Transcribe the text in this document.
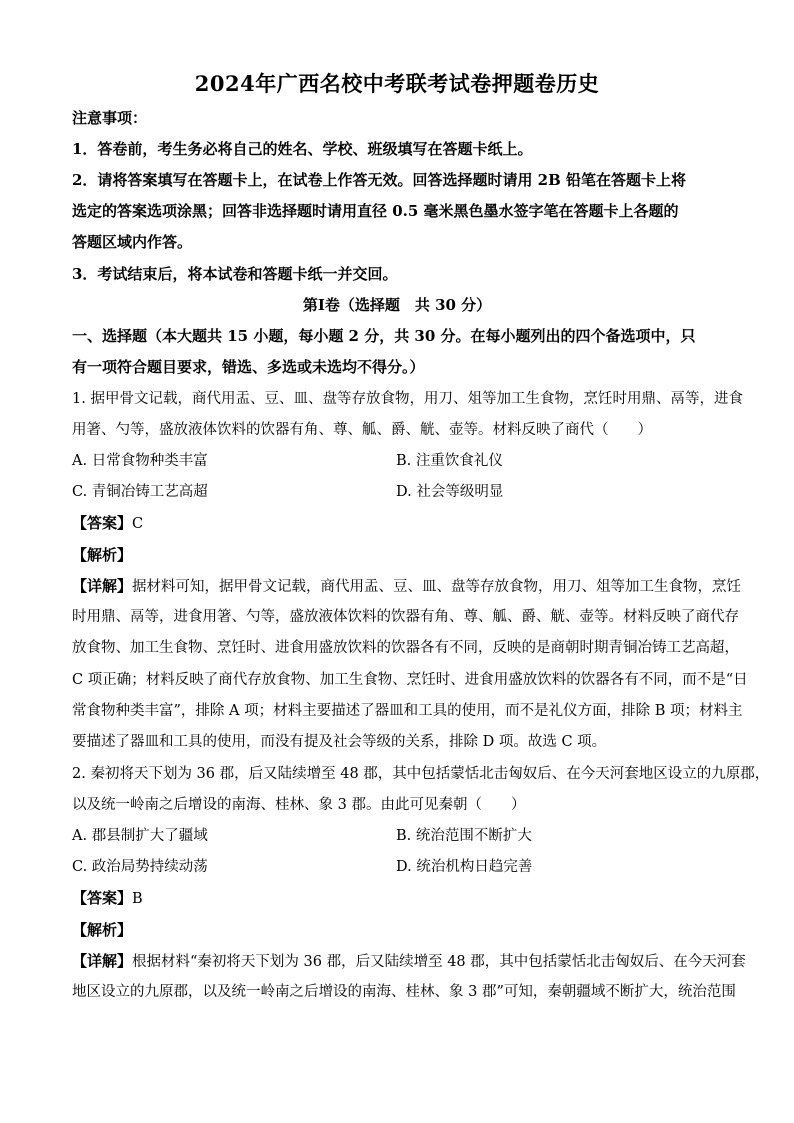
2024年广西名校中考联考试卷押题卷历史
注意事项：
1．答卷前，考生务必将自己的姓名、学校、班级填写在答题卡纸上。
2．请将答案填写在答题卡上，在试卷上作答无效。回答选择题时请用 2B 铅笔在答题卡上将
选定的答案选项涂黑；回答非选择题时请用直径 0.5 毫米黑色墨水签字笔在答题卡上各题的
答题区域内作答。
3．考试结束后，将本试卷和答题卡纸一并交回。
第Ⅰ卷（选择题　共 30 分）
一、选择题（本大题共 15 小题，每小题 2 分，共 30 分。在每小题列出的四个备选项中，只
有一项符合题目要求，错选、多选或未选均不得分。）
1. 据甲骨文记载，商代用盂、豆、皿、盘等存放食物，用刀、俎等加工生食物，烹饪时用鼎、鬲等，进食
用箸、勺等，盛放液体饮料的饮器有角、尊、觚、爵、觥、壶等。材料反映了商代（　　）
A. 日常食物种类丰富	B. 注重饮食礼仪
C. 青铜冶铸工艺高超	D. 社会等级明显
【答案】C
【解析】
【详解】据材料可知，据甲骨文记载，商代用盂、豆、皿、盘等存放食物，用刀、俎等加工生食物，烹饪
时用鼎、鬲等，进食用箸、勺等，盛放液体饮料的饮器有角、尊、觚、爵、觥、壶等。材料反映了商代存
放食物、加工生食物、烹饪时、进食用盛放饮料的饮器各有不同，反映的是商朝时期青铜冶铸工艺高超，
C 项正确；材料反映了商代存放食物、加工生食物、烹饪时、进食用盛放饮料的饮器各有不同，而不是“日
常食物种类丰富”，排除 A 项；材料主要描述了器皿和工具的使用，而不是礼仪方面，排除 B 项；材料主
要描述了器皿和工具的使用，而没有提及社会等级的关系，排除 D 项。故选 C 项。
2. 秦初将天下划为 36 郡，后又陆续增至 48 郡，其中包括蒙恬北击匈奴后、在今天河套地区设立的九原郡，
以及统一岭南之后增设的南海、桂林、象 3 郡。由此可见秦朝（　　）
A. 郡县制扩大了疆域	B. 统治范围不断扩大
C. 政治局势持续动荡	D. 统治机构日趋完善
【答案】B
【解析】
【详解】根据材料“秦初将天下划为 36 郡，后又陆续增至 48 郡，其中包括蒙恬北击匈奴后、在今天河套
地区设立的九原郡，以及统一岭南之后增设的南海、桂林、象 3 郡”可知，秦朝疆域不断扩大，统治范围
